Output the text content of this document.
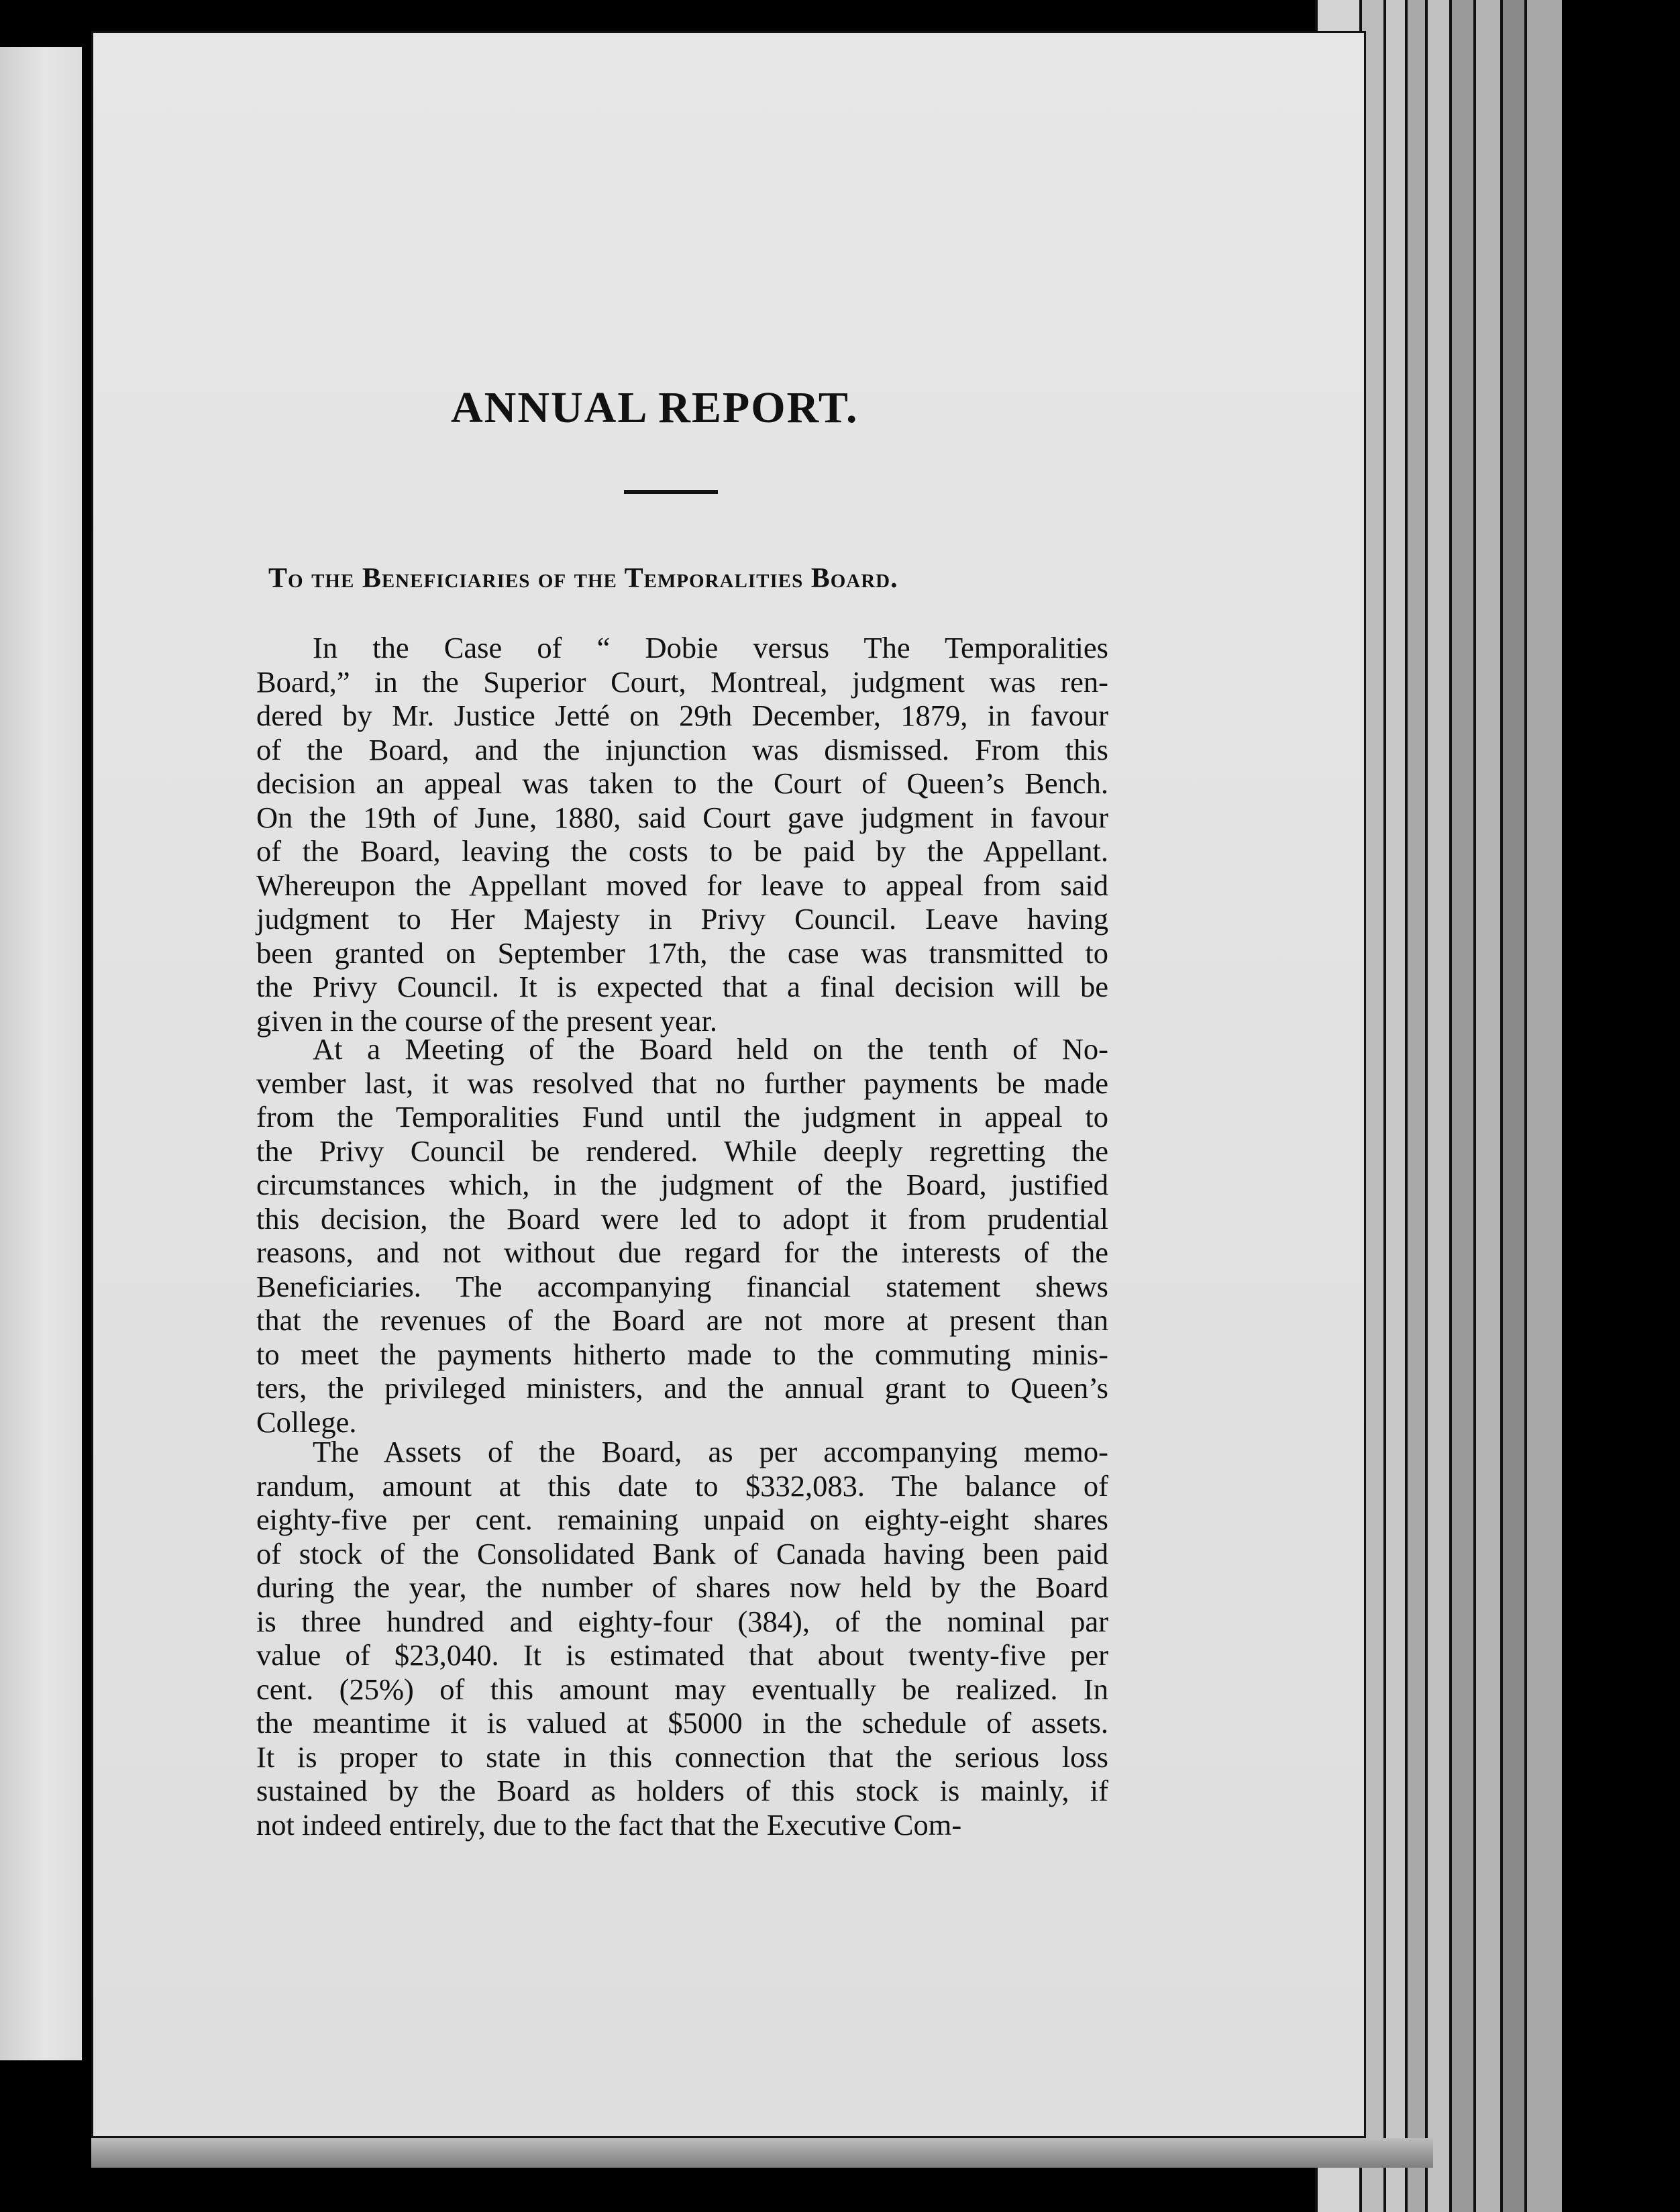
ANNUAL REPORT.

To the Beneficiaries of the Temporalities Board.

In the Case of “ Dobie versus The Temporalities
Board,” in the Superior Court, Montreal, judgment was ren-
dered by Mr. Justice Jetté on 29th December, 1879, in favour
of the Board, and the injunction was dismissed. From this
decision an appeal was taken to the Court of Queen’s Bench.
On the 19th of June, 1880, said Court gave judgment in favour
of the Board, leaving the costs to be paid by the Appellant.
Whereupon the Appellant moved for leave to appeal from said
judgment to Her Majesty in Privy Council. Leave having
been granted on September 17th, the case was transmitted to
the Privy Council. It is expected that a final decision will be
given in the course of the present year.
At a Meeting of the Board held on the tenth of No-
vember last, it was resolved that no further payments be made
from the Temporalities Fund until the judgment in appeal to
the Privy Council be rendered. While deeply regretting the
circumstances which, in the judgment of the Board, justified
this decision, the Board were led to adopt it from prudential
reasons, and not without due regard for the interests of the
Beneficiaries. The accompanying financial statement shews
that the revenues of the Board are not more at present than
to meet the payments hitherto made to the commuting minis-
ters, the privileged ministers, and the annual grant to Queen’s
College.
The Assets of the Board, as per accompanying memo-
randum, amount at this date to $332,083. The balance of
eighty-five per cent. remaining unpaid on eighty-eight shares
of stock of the Consolidated Bank of Canada having been paid
during the year, the number of shares now held by the Board
is three hundred and eighty-four (384), of the nominal par
value of $23,040. It is estimated that about twenty-five per
cent. (25%) of this amount may eventually be realized. In
the meantime it is valued at $5000 in the schedule of assets.
It is proper to state in this connection that the serious loss
sustained by the Board as holders of this stock is mainly, if
not indeed entirely, due to the fact that the Executive Com-
